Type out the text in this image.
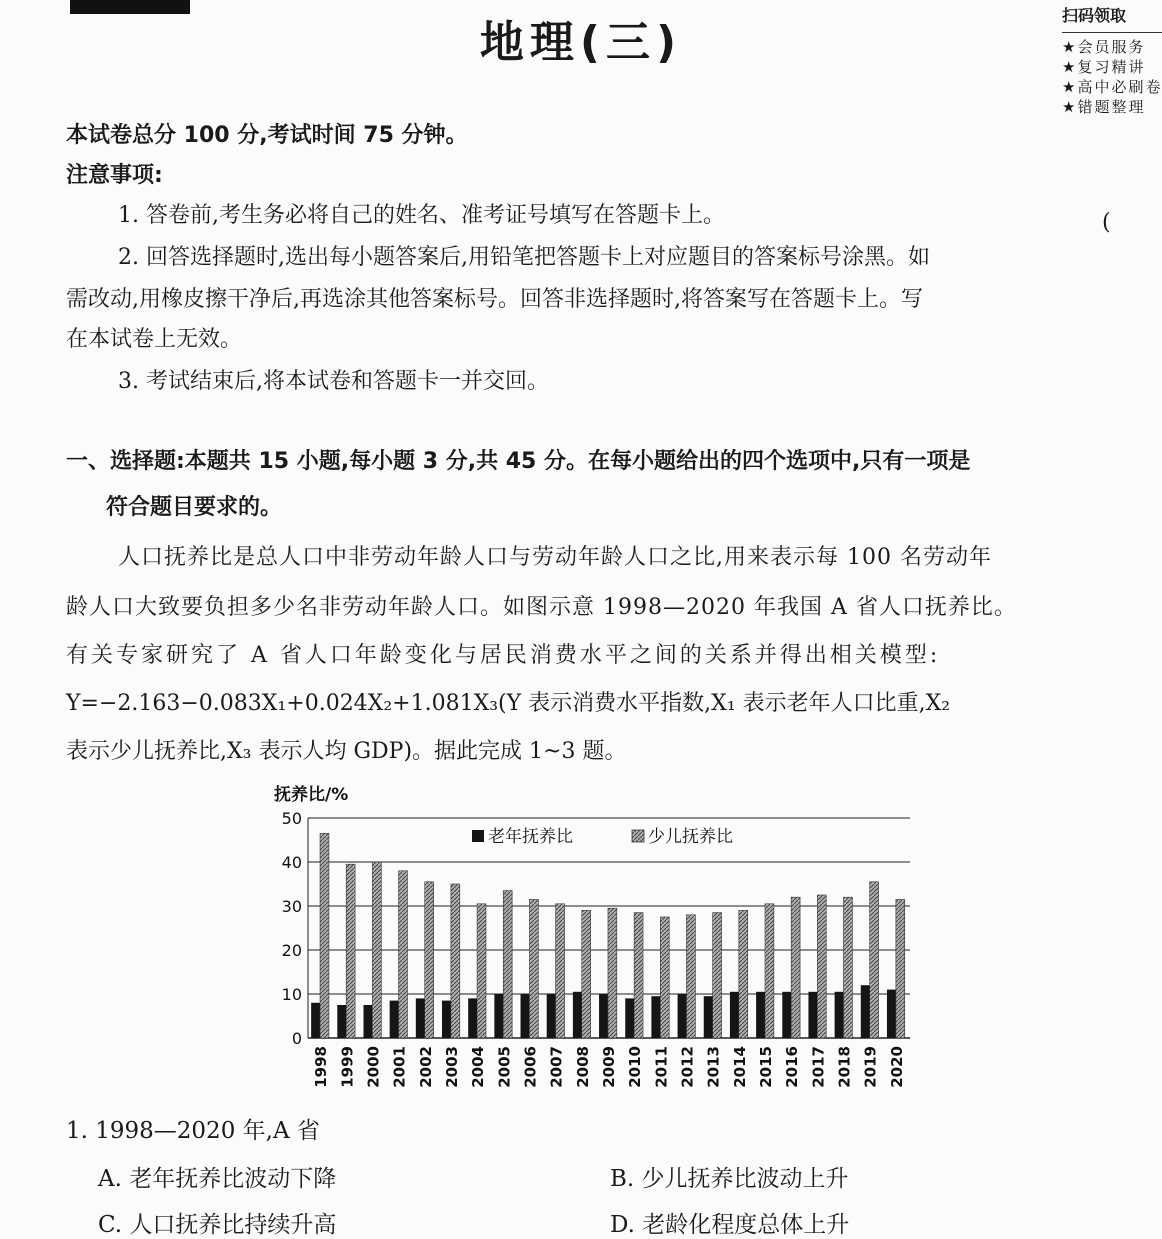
地理(三)
扫码领取
★会员服务
★复习精讲
★高中必刷卷
★错题整理
本试卷总分 100 分,考试时间 75 分钟。
注意事项:
1. 答卷前,考生务必将自己的姓名、准考证号填写在答题卡上。	(
2. 回答选择题时,选出每小题答案后,用铅笔把答题卡上对应题目的答案标号涂黑。如
需改动,用橡皮擦干净后,再选涂其他答案标号。回答非选择题时,将答案写在答题卡上。写
在本试卷上无效。
3. 考试结束后,将本试卷和答题卡一并交回。
一、选择题:本题共 15 小题,每小题 3 分,共 45 分。在每小题给出的四个选项中,只有一项是
符合题目要求的。
人口抚养比是总人口中非劳动年龄人口与劳动年龄人口之比,用来表示每 100 名劳动年
龄人口大致要负担多少名非劳动年龄人口。如图示意 1998—2020 年我国 A 省人口抚养比。
有关专家研究了 A 省人口年龄变化与居民消费水平之间的关系并得出相关模型:
Y=−2.163−0.083X₁+0.024X₂+1.081X₃(Y 表示消费水平指数,X₁ 表示老年人口比重,X₂
表示少儿抚养比,X₃ 表示人均 GDP)。据此完成 1~3 题。
抚养比/%
0
10
20
30
40
50
1998 1999 2000 2001 2002 2003 2004 2005 2006 2007 2008 2009 2010 2011 2012 2013 2014 2015 2016 2017 2018 2019 2020
老年抚养比	少儿抚养比
1. 1998—2020 年,A 省
A. 老年抚养比波动下降	B. 少儿抚养比波动上升
C. 人口抚养比持续升高	D. 老龄化程度总体上升
